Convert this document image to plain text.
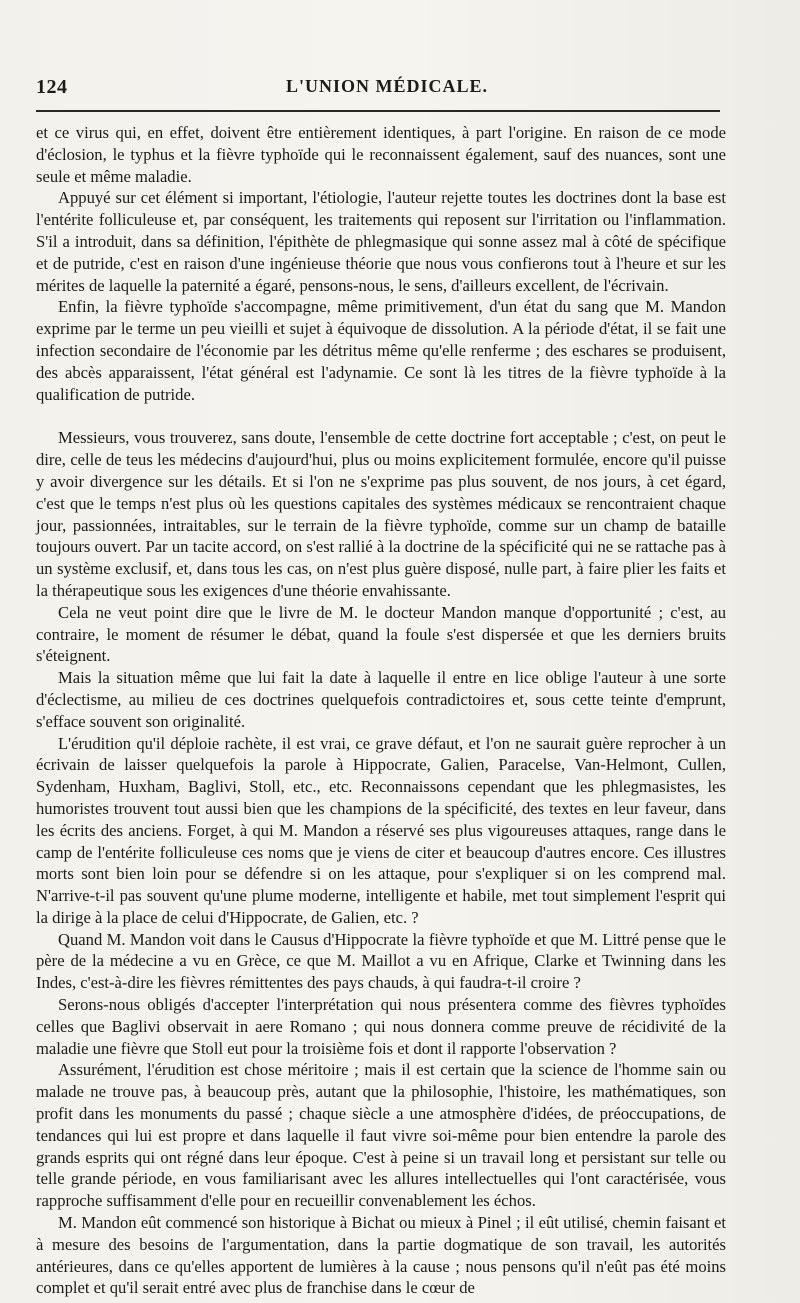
124	L'UNION MÉDICALE.

et ce virus qui, en effet, doivent être entièrement identiques, à part l'origine. En raison de ce mode d'éclosion, le typhus et la fièvre typhoïde qui le reconnaissent également, sauf des nuances, sont une seule et même maladie.

Appuyé sur cet élément si important, l'étiologie, l'auteur rejette toutes les doctrines dont la base est l'entérite folliculeuse et, par conséquent, les traitements qui reposent sur l'irritation ou l'inflammation. S'il a introduit, dans sa définition, l'épithète de phlegmasique qui sonne assez mal à côté de spécifique et de putride, c'est en raison d'une ingénieuse théorie que nous vous confierons tout à l'heure et sur les mérites de laquelle la paternité a égaré, pensons-nous, le sens, d'ailleurs excellent, de l'écrivain.

Enfin, la fièvre typhoïde s'accompagne, même primitivement, d'un état du sang que M. Mandon exprime par le terme un peu vieilli et sujet à équivoque de dissolution. A la période d'état, il se fait une infection secondaire de l'économie par les détritus même qu'elle renferme ; des eschares se produisent, des abcès apparaissent, l'état général est l'adynamie. Ce sont là les titres de la fièvre typhoïde à la qualification de putride.

Messieurs, vous trouverez, sans doute, l'ensemble de cette doctrine fort acceptable ; c'est, on peut le dire, celle de teus les médecins d'aujourd'hui, plus ou moins explicitement formulée, encore qu'il puisse y avoir divergence sur les détails. Et si l'on ne s'exprime pas plus souvent, de nos jours, à cet égard, c'est que le temps n'est plus où les questions capitales des systèmes médicaux se rencontraient chaque jour, passionnées, intraitables, sur le terrain de la fièvre typhoïde, comme sur un champ de bataille toujours ouvert. Par un tacite accord, on s'est rallié à la doctrine de la spécificité qui ne se rattache pas à un système exclusif, et, dans tous les cas, on n'est plus guère disposé, nulle part, à faire plier les faits et la thérapeutique sous les exigences d'une théorie envahissante.

Cela ne veut point dire que le livre de M. le docteur Mandon manque d'opportunité ; c'est, au contraire, le moment de résumer le débat, quand la foule s'est dispersée et que les derniers bruits s'éteignent.

Mais la situation même que lui fait la date à laquelle il entre en lice oblige l'auteur à une sorte d'éclectisme, au milieu de ces doctrines quelquefois contradictoires et, sous cette teinte d'emprunt, s'efface souvent son originalité.

L'érudition qu'il déploie rachète, il est vrai, ce grave défaut, et l'on ne saurait guère reprocher à un écrivain de laisser quelquefois la parole à Hippocrate, Galien, Paracelse, Van-Helmont, Cullen, Sydenham, Huxham, Baglivi, Stoll, etc., etc. Reconnaissons cependant que les phlegmasistes, les humoristes trouvent tout aussi bien que les champions de la spécificité, des textes en leur faveur, dans les écrits des anciens. Forget, à qui M. Mandon a réservé ses plus vigoureuses attaques, range dans le camp de l'entérite folliculeuse ces noms que je viens de citer et beaucoup d'autres encore. Ces illustres morts sont bien loin pour se défendre si on les attaque, pour s'expliquer si on les comprend mal. N'arrive-t-il pas souvent qu'une plume moderne, intelligente et habile, met tout simplement l'esprit qui la dirige à la place de celui d'Hippocrate, de Galien, etc. ?

Quand M. Mandon voit dans le Causus d'Hippocrate la fièvre typhoïde et que M. Littré pense que le père de la médecine a vu en Grèce, ce que M. Maillot a vu en Afrique, Clarke et Twinning dans les Indes, c'est-à-dire les fièvres rémittentes des pays chauds, à qui faudra-t-il croire ?

Serons-nous obligés d'accepter l'interprétation qui nous présentera comme des fièvres typhoïdes celles que Baglivi observait in aere Romano ; qui nous donnera comme preuve de récidivité de la maladie une fièvre que Stoll eut pour la troisième fois et dont il rapporte l'observation ?

Assurément, l'érudition est chose méritoire ; mais il est certain que la science de l'homme sain ou malade ne trouve pas, à beaucoup près, autant que la philosophie, l'histoire, les mathématiques, son profit dans les monuments du passé ; chaque siècle a une atmosphère d'idées, de préoccupations, de tendances qui lui est propre et dans laquelle il faut vivre soi-même pour bien entendre la parole des grands esprits qui ont régné dans leur époque. C'est à peine si un travail long et persistant sur telle ou telle grande période, en vous familiarisant avec les allures intellectuelles qui l'ont caractérisée, vous rapproche suffisamment d'elle pour en recueillir convenablement les échos.

M. Mandon eût commencé son historique à Bichat ou mieux à Pinel ; il eût utilisé, chemin faisant et à mesure des besoins de l'argumentation, dans la partie dogmatique de son travail, les autorités antérieures, dans ce qu'elles apportent de lumières à la cause ; nous pensons qu'il n'eût pas été moins complet et qu'il serait entré avec plus de franchise dans le cœur de
